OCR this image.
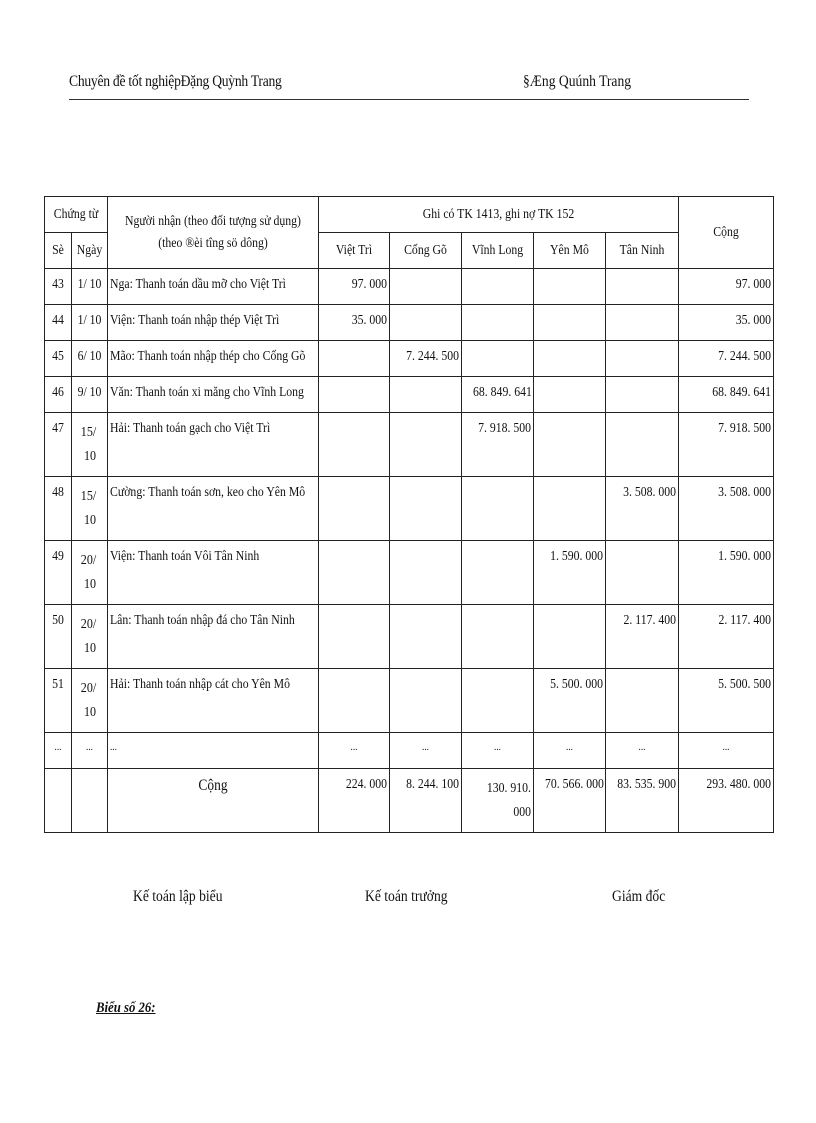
Chuyên đề tốt nghiệpĐặng Quỳnh Trang	§Æng Quúnh Trang
Chứng từ		Người nhận (theo đối tượng sử dụng)
(theo ®èi tîng sö dông)	Ghi có TK 1413, ghi nợ TK 152					Cộng

Sè	Ngày		Việt Trì	Cống Gõ	Vĩnh Long	Yên Mô	Tân Ninh	

43	1/ 10	Nga: Thanh toán dầu mỡ cho Việt Trì	97. 000					97. 000

44	1/ 10	Viện: Thanh toán nhập thép Việt Trì	35. 000					35. 000

45	6/ 10	Mão: Thanh toán nhập thép cho Cống Gõ		7. 244. 500				7. 244. 500

46	9/ 10	Văn: Thanh toán xi măng cho Vĩnh Long			68. 849. 641			68. 849. 641

47	15/ 10	Hải: Thanh toán gạch cho Việt Trì			7. 918. 500			7. 918. 500

48	15/ 10	Cường: Thanh toán sơn, keo cho Yên Mô					3. 508. 000	3. 508. 000

49	20/ 10	Viện: Thanh toán Vôi Tân Ninh				1. 590. 000		1. 590. 000

50	20/ 10	Lân: Thanh toán nhập đá cho Tân Ninh					2. 117. 400	2. 117. 400

51	20/ 10	Hải: Thanh toán nhập cát cho Yên Mô				5. 500. 000		5. 500. 500

...	...	...	...	...	...	...	...	...

		Cộng	224. 000	8. 244. 100	130. 910. 000	70. 566. 000	83. 535. 900	293. 480. 000
Kế toán lập biểu	Kế toán trưởng	Giám đốc
Biểu số 26:
